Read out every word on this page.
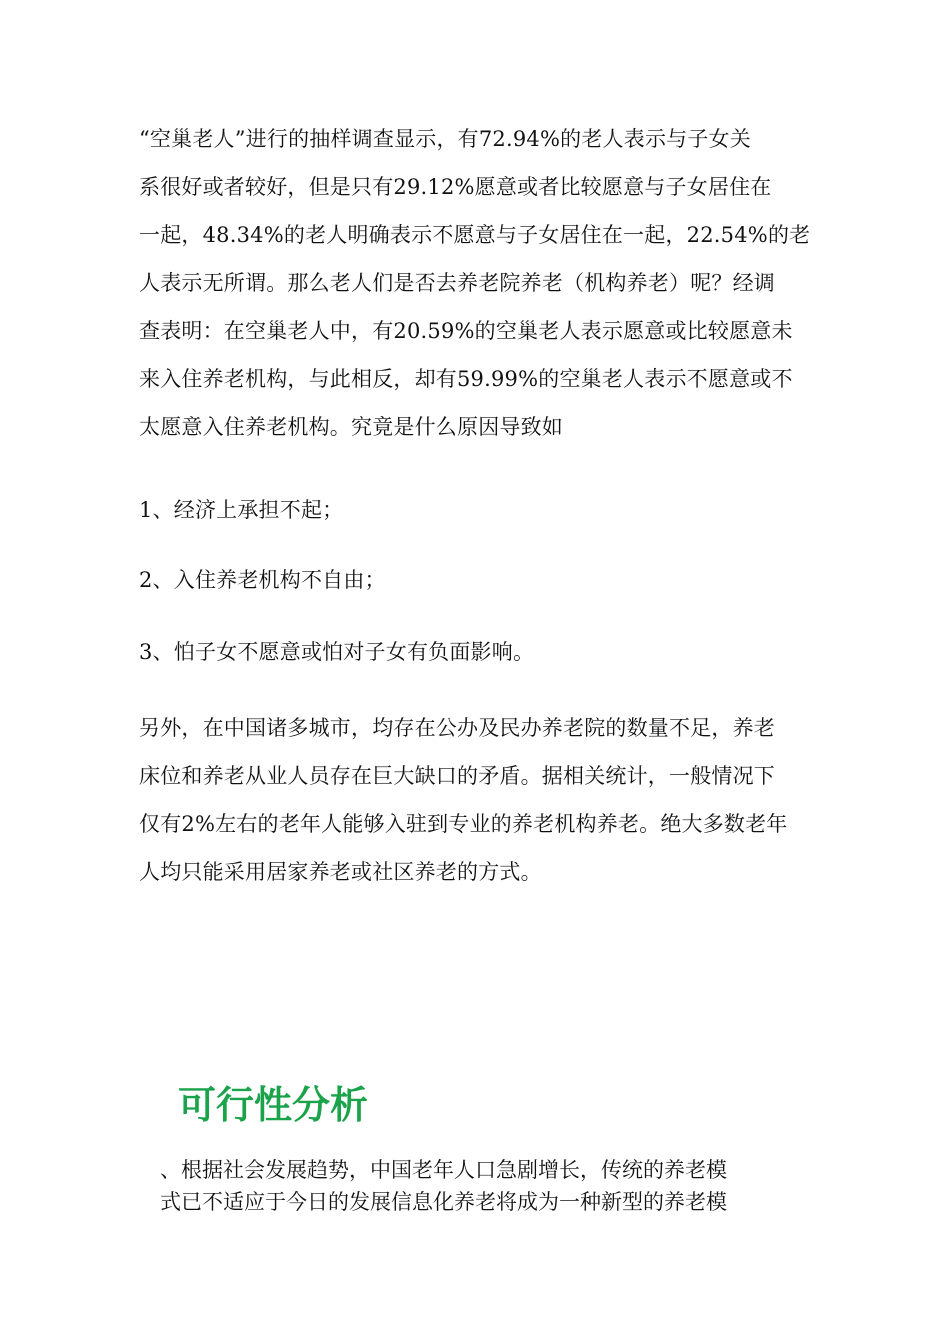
“空巢老人”进行的抽样调查显示，有72.94%的老人表示与子女关
系很好或者较好，但是只有29.12%愿意或者比较愿意与子女居住在
一起，48.34%的老人明确表示不愿意与子女居住在一起，22.54%的老
人表示无所谓。那么老人们是否去养老院养老（机构养老）呢？经调
查表明：在空巢老人中，有20.59%的空巢老人表示愿意或比较愿意未
来入住养老机构，与此相反，却有59.99%的空巢老人表示不愿意或不
太愿意入住养老机构。究竟是什么原因导致如

1、经济上承担不起；

2、入住养老机构不自由；

3、怕子女不愿意或怕对子女有负面影响。

另外，在中国诸多城市，均存在公办及民办养老院的数量不足，养老
床位和养老从业人员存在巨大缺口的矛盾。据相关统计，一般情况下
仅有2%左右的老年人能够入驻到专业的养老机构养老。绝大多数老年
人均只能采用居家养老或社区养老的方式。

可行性分析

、根据社会发展趋势，中国老年人口急剧增长，传统的养老模
式已不适应于今日的发展信息化养老将成为一种新型的养老模
